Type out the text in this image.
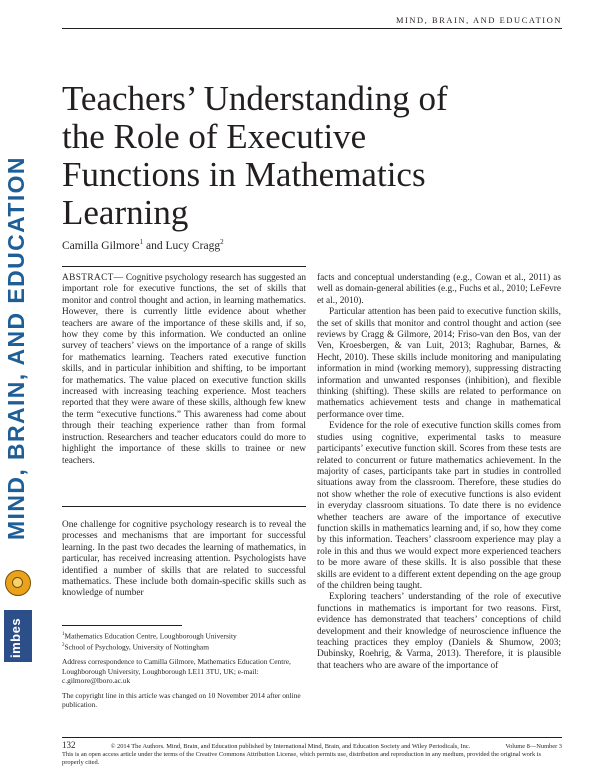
MIND, BRAIN, AND EDUCATION
MIND, BRAIN, AND EDUCATION
imbes
Teachers’ Understanding of the Role of Executive Functions in Mathematics Learning
Camilla Gilmore$^1$ and Lucy Cragg$^2$

ABSTRACT— Cognitive psychology research has suggested an important role for executive functions, the set of skills that monitor and control thought and action, in learning mathematics. However, there is currently little evidence about whether teachers are aware of the importance of these skills and, if so, how they come by this information. We conducted an online survey of teachers’ views on the importance of a range of skills for mathematics learning. Teachers rated executive function skills, and in particular inhibition and shifting, to be important for mathematics. The value placed on executive function skills increased with increasing teaching experience. Most teachers reported that they were aware of these skills, although few knew the term “executive functions.” This awareness had come about through their teaching experience rather than from formal instruction. Researchers and teacher educators could do more to highlight the importance of these skills to trainee or new teachers.

One challenge for cognitive psychology research is to reveal the processes and mechanisms that are important for successful learning. In the past two decades the learning of mathematics, in particular, has received increasing attention. Psychologists have identified a number of skills that are related to successful mathematics. These include both domain-specific skills such as knowledge of number

facts and conceptual understanding (e.g., Cowan et al., 2011) as well as domain-general abilities (e.g., Fuchs et al., 2010; LeFevre et al., 2010).

Particular attention has been paid to executive function skills, the set of skills that monitor and control thought and action (see reviews by Cragg & Gilmore, 2014; Friso-van den Bos, van der Ven, Kroesbergen, & van Luit, 2013; Raghubar, Barnes, & Hecht, 2010). These skills include monitoring and manipulating information in mind (working memory), suppressing distracting information and unwanted responses (inhibition), and flexible thinking (shifting). These skills are related to performance on mathematics achievement tests and change in mathematical performance over time.

Evidence for the role of executive function skills comes from studies using cognitive, experimental tasks to measure participants’ executive function skill. Scores from these tests are related to concurrent or future mathematics achievement. In the majority of cases, participants take part in studies in controlled situations away from the classroom. Therefore, these studies do not show whether the role of executive functions is also evident in everyday classroom situations. To date there is no evidence whether teachers are aware of the importance of executive function skills in mathematics learning and, if so, how they come by this information. Teachers’ classroom experience may play a role in this and thus we would expect more experienced teachers to be more aware of these skills. It is also possible that these skills are evident to a different extent depending on the age group of the children being taught.

Exploring teachers’ understanding of the role of executive functions in mathematics is important for two reasons. First, evidence has demonstrated that teachers’ conceptions of child development and their knowledge of neuroscience influence the teaching practices they employ (Daniels & Shumow, 2003; Dubinsky, Roehrig, & Varma, 2013). Therefore, it is plausible that teachers who are aware of the importance of

$^1$Mathematics Education Centre, Loughborough University

$^2$School of Psychology, University of Nottingham

Address correspondence to Camilla Gilmore, Mathematics Education Centre, Loughborough University, Loughborough LE11 3TU, UK; e-mail: c.gilmore@lboro.ac.uk

The copyright line in this article was changed on 10 November 2014 after online publication.

132	© 2014 The Authors. Mind, Brain, and Education published by International Mind, Brain, and Education Society and Wiley Periodicals, Inc.	Volume 8—Number 3

This is an open access article under the terms of the Creative Commons Attribution License, which permits use, distribution and reproduction in any medium, provided the original work is properly cited.
